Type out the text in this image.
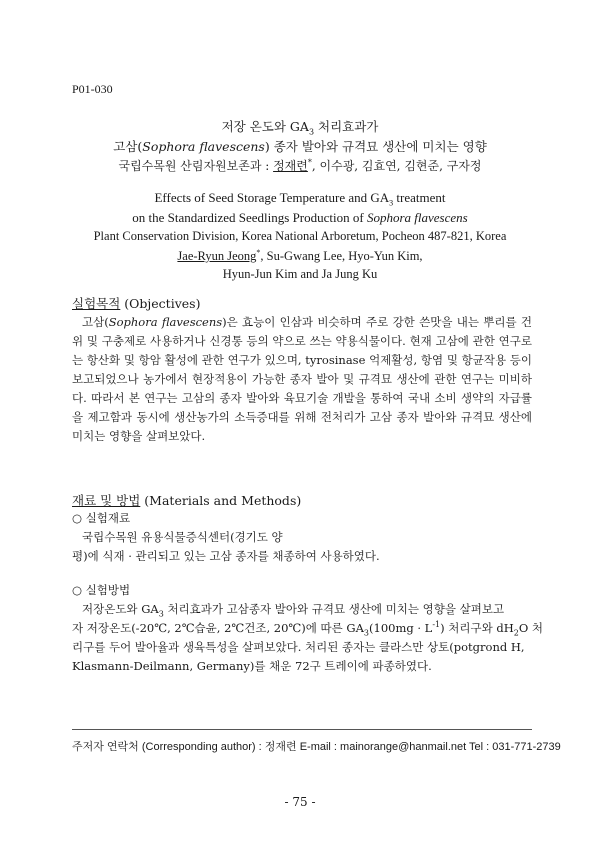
P01-030
저장 온도와 $GA_3$ 처리효과가
고삼(Sophora flavescens) 종자 발아와 규격묘 생산에 미치는 영향
국립수목원 산림자원보존과 : 정재련*, 이수광, 김효연, 김현준, 구자정
Effects of Seed Storage Temperature and $GA_3$ treatment
on the Standardized Seedlings Production of Sophora flavescens
Plant Conservation Division, Korea National Arboretum, Pocheon 487-821, Korea
Jae-Ryun Jeong*, Su-Gwang Lee, Hyo-Yun Kim,
Hyun-Jun Kim and Ja Jung Ku
실험목적 (Objectives)
고삼(Sophora flavescens)은 효능이 인삼과 비슷하며 주로 강한 쓴맛을 내는 뿌리를 건위 및 구충제로 사용하거나 신경통 등의 약으로 쓰는 약용식물이다. 현재 고삼에 관한 연구로는 항산화 및 항암 활성에 관한 연구가 있으며, tyrosinase 억제활성, 항염 및 항균작용 등이 보고되었으나 농가에서 현장적용이 가능한 종자 발아 및 규격묘 생산에 관한 연구는 미비하다. 따라서 본 연구는 고삼의 종자 발아와 육묘기술 개발을 통하여 국내 소비 생약의 자급률을 제고함과 동시에 생산농가의 소득증대를 위해 전처리가 고삼 종자 발아와 규격묘 생산에 미치는 영향을 살펴보았다.
재료 및 방법 (Materials and Methods)
○ 실험재료
국립수목원 유용식물증식센터(경기도 양
평)에 식재 · 관리되고 있는 고삼 종자를 채종하여 사용하였다.
○ 실험방법
저장온도와 $GA_3$ 처리효과가 고삼종자 발아와 규격묘 생산에 미치는 영향을 살펴보고
자 저장온도(-20℃, 2℃습윤, 2℃건조, 20℃)에 따른 $GA_3(100mg \cdot L^{-1})$ 처리구와 $dH_2O$ 처
리구를 두어 발아율과 생육특성을 살펴보았다. 처리된 종자는 클라스만 상토(potgrond H,
Klasmann-Deilmann, Germany)를 채운 72구 트레이에 파종하였다.
주저자 연락처 (Corresponding author) : 정재련 E-mail : mainorange@hanmail.net Tel : 031-771-2739
- 75 -
